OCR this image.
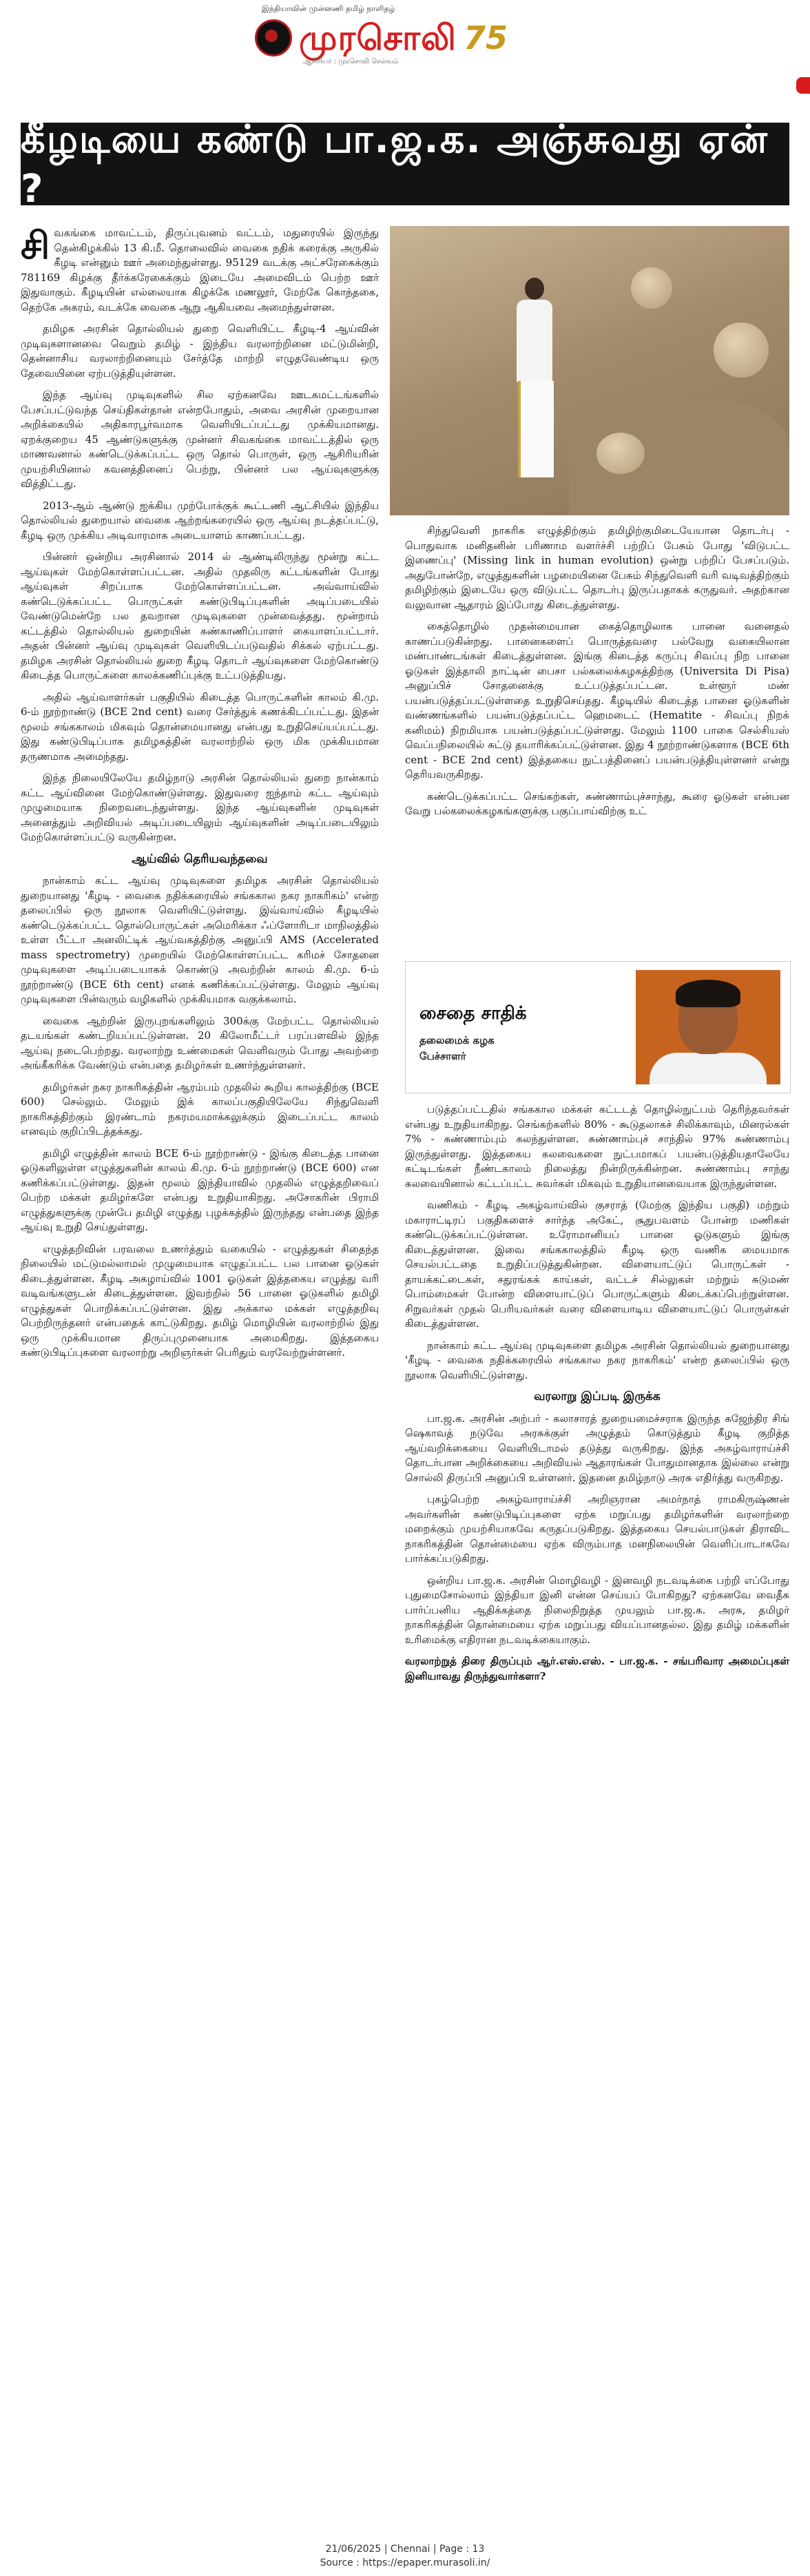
இந்தியாவின் முன்னணி தமிழ் நாளிதழ்
முரசொலி 75
ஆசிரியர் : முரசொலி செல்வம்
கீழடியை கண்டு பா.ஜ.க. அஞ்சுவது ஏன் ?

சிவகங்கை மாவட்டம், திருப்புவனம் வட்டம், மதுரையில் இருந்து தென்கிழக்கில் 13 கி.மீ. தொலைவில் வைகை நதிக் கரைக்கு அருகில் கீழடி என்னும் ஊர் அமைந்துள்ளது. 95129 வடக்கு அட்சரேகைக்கும் 781169 கிழக்கு தீர்க்கரேகைக்கும் இடையே அமைவிடம் பெற்ற ஊர் இதுவாகும். கீழடியின் எல்லையாக கிழக்கே மணலூர், மேற்கே கொந்தகை, தெற்கே அகரம், வடக்கே வைகை ஆறு ஆகியவை அமைந்துள்ளன.

தமிழக அரசின் தொல்லியல் துறை வெளியிட்ட கீழடி-4 ஆய்வின் முடிவுகளானவை வெறும் தமிழ் - இந்திய வரலாற்றினை மட்டுமின்றி, தென்னாசிய வரலாற்றினையும் சேர்த்தே மாற்றி எழுதவேண்டிய ஒரு தேவையினை ஏற்படுத்தியுள்ளன.

இந்த ஆய்வு முடிவுகளில் சில ஏற்கனவே ஊடகமட்டங்களில் பேசப்பட்டுவந்த செய்திகள்தான் என்றபோதும், அவை அரசின் முறையான அறிக்கையில் அதிகாரபூர்வமாக வெளியிடப்பட்டது முக்கியமானது. ஏறக்குறைய 45 ஆண்டுகளுக்கு முன்னர் சிவகங்கை மாவட்டத்தில் ஒரு மாணவனால் கண்டெடுக்கப்பட்ட ஒரு தொல் பொருள், ஒரு ஆசிரியரின் முயற்சியினால் கவனத்தினைப் பெற்று, பின்னர் பல ஆய்வுகளுக்கு வித்திட்டது.

2013-ஆம் ஆண்டு ஐக்கிய முற்போக்குக் கூட்டணி ஆட்சியில் இந்திய தொல்லியல் துறையால் வைகை ஆற்றங்கரையில் ஒரு ஆய்வு நடத்தப்பட்டு, கீழடி ஒரு முக்கிய அடிவாரமாக அடையாளம் காணப்பட்டது.

பின்னர் ஒன்றிய அரசினால் 2014 ல் ஆண்டிலிருந்து மூன்று கட்ட ஆய்வுகள் மேற்கொள்ளப்பட்டன. அதில் முதலிரு கட்டங்களின் போது ஆய்வுகள் சிறப்பாக மேற்கொள்ளப்பட்டன. அவ்வாய்வில் கண்டெடுக்கப்பட்ட பொருட்கள் கண்டுபிடிப்புகளின் அடிப்படையில் வேண்டுமென்றே பல தவறான முடிவுகளை முன்வைத்தது. மூன்றாம் கட்டத்தில் தொல்லியல் துறையின் கண்காணிப்பாளர் கையாளப்பட்டார். அதன் பின்னர் ஆய்வு முடிவுகள் வெளியிடப்படுவதில் சிக்கல் ஏற்பட்டது. தமிழக அரசின் தொல்லியல் துறை கீழடி தொடர் ஆய்வுகளை மேற்கொண்டு கிடைத்த பொருட்களை காலக்கணிப்புக்கு உட்படுத்தியது.

அதில் ஆய்வாளர்கள் பகுதியில் கிடைத்த பொருட்களின் காலம் கி.மு. 6-ம் நூற்றாண்டு (BCE 2nd cent) வரை சேர்த்துக் கணக்கிடப்பட்டது. இதன் மூலம் சங்ககாலம் மிகவும் தொன்மையானது என்பது உறுதிசெய்யப்பட்டது. இது கண்டுபிடிப்பாக தமிழகத்தின் வரலாற்றில் ஒரு மிக முக்கியமான தருணமாக அமைந்தது.

இந்த நிலையிலேயே தமிழ்நாடு அரசின் தொல்லியல் துறை நான்காம் கட்ட ஆய்வினை மேற்கொண்டுள்ளது. இதுவரை ஐந்தாம் கட்ட ஆய்வும் முழுமையாக நிறைவடைந்துள்ளது. இந்த ஆய்வுகளின் முடிவுகள் அனைத்தும் அறிவியல் அடிப்படையிலும் ஆய்வுகளின் அடிப்படையிலும் மேற்கொள்ளப்பட்டு வருகின்றன.

ஆய்வில் தெரியவந்தவை

நான்காம் கட்ட ஆய்வு முடிவுகளை தமிழக அரசின் தொல்லியல் துறையானது 'கீழடி - வைகை நதிக்கரையில் சங்ககால நகர நாகரிகம்' என்ற தலைப்பில் ஒரு நூலாக வெளியிட்டுள்ளது. இவ்வாய்வில் கீழடியில் கண்டெடுக்கப்பட்ட தொல்பொருட்கள் அமெரிக்கா ஃப்ளோரிடா மாநிலத்தில் உள்ள பீட்டா அனலிட்டிக் ஆய்வகத்திற்கு அனுப்பி AMS (Accelerated mass spectrometry) முறையில் மேற்கொள்ளப்பட்ட கரிமச் சோதனை முடிவுகளை அடிப்படையாகக் கொண்டு அவற்றின் காலம் கி.மு. 6-ம் நூற்றாண்டு (BCE 6th cent) எனக் கணிக்கப்பட்டுள்ளது. மேலும் ஆய்வு முடிவுகளை பின்வரும் வழிகளில் முக்கியமாக வகுக்கலாம்.

வைகை ஆற்றின் இருபுறங்களிலும் 300க்கு மேற்பட்ட தொல்லியல் தடயங்கள் கண்டறியப்பட்டுள்ளன. 20 கிலோமீட்டர் பரப்பளவில் இந்த ஆய்வு நடைபெற்றது. வரலாற்று உண்மைகள் வெளிவரும் போது அவற்றை அங்கீகரிக்க வேண்டும் என்பதை தமிழர்கள் உணர்ந்துள்ளனர்.

தமிழர்கள் நகர நாகரிகத்தின் ஆரம்பம் முதலில் கூறிய காலத்திற்கு (BCE 600) செல்லும். மேலும் இக் காலப்பகுதியிலேயே சிந்துவெளி நாகரிகத்திற்கும் இரண்டாம் நகரமயமாக்கலுக்கும் இடைப்பட்ட காலம் எனவும் குறிப்பிடத்தக்கது.

தமிழி எழுத்தின் காலம் BCE 6-ம் நூற்றாண்டு - இங்கு கிடைத்த பானை ஓடுகளிலுள்ள எழுத்துகளின் காலம் கி.மு. 6-ம் நூற்றாண்டு (BCE 600) என கணிக்கப்பட்டுள்ளது. இதன் மூலம் இந்தியாவில் முதலில் எழுத்தறிவைப் பெற்ற மக்கள் தமிழர்களே என்பது உறுதியாகிறது. அசோகரின் பிராமி எழுத்துகளுக்கு முன்பே தமிழி எழுத்து புழக்கத்தில் இருந்தது என்பதை இந்த ஆய்வு உறுதி செய்துள்ளது.

எழுத்தறிவின் பரவலை உணர்த்தும் வகையில் - எழுத்துகள் சிதைந்த நிலையில் மட்டுமல்லாமல் முழுமையாக எழுதப்பட்ட பல பானை ஓடுகள் கிடைத்துள்ளன. கீழடி அகழாய்வில் 1001 ஓடுகள் இத்தகைய எழுத்து வரி வடிவங்களுடன் கிடைத்துள்ளன. இவற்றில் 56 பானை ஓடுகளில் தமிழி எழுத்துகள் பொறிக்கப்பட்டுள்ளன. இது அக்கால மக்கள் எழுத்தறிவு பெற்றிருந்தனர் என்பதைக் காட்டுகிறது. தமிழ் மொழியின் வரலாற்றில் இது ஒரு முக்கியமான திருப்புமுனையாக அமைகிறது. இத்தகைய கண்டுபிடிப்புகளை வரலாற்று அறிஞர்கள் பெரிதும் வரவேற்றுள்ளனர்.

சிந்துவெளி நாகரிக எழுத்திற்கும் தமிழிற்குமிடையேயான தொடர்பு - பொதுவாக மனிதனின் பரிணாம வளர்ச்சி பற்றிப் பேசும் போது 'விடுபட்ட இணைப்பு' (Missing link in human evolution) ஒன்று பற்றிப் பேசப்படும். அதுபோன்றே, எழுத்துகளின் பழமையினை பேசும் சிந்துவெளி வரி வடிவத்திற்கும் தமிழிற்கும் இடையே ஒரு விடுபட்ட தொடர்பு இருப்பதாகக் கருதுவர். அதற்கான வலுவான ஆதாரம் இப்போது கிடைத்துள்ளது.

கைத்தொழில் முதன்மையான கைத்தொழிலாக பானை வனைதல் காணப்படுகின்றது. பானைகளைப் பொருத்தவரை பல்வேறு வகையிலான மண்பாண்டங்கள் கிடைத்துள்ளன. இங்கு கிடைத்த கருப்பு சிவப்பு நிற பானை ஓடுகள் இத்தாலி நாட்டின் பைசா பல்கலைக்கழகத்திற்கு (Universita Di Pisa) அனுப்பிச் சோதனைக்கு உட்படுத்தப்பட்டன. உள்ளூர் மண் பயன்படுத்தப்பட்டுள்ளதை உறுதிசெய்தது. கீழடியில் கிடைத்த பானை ஓடுகளின் வண்ணங்களில் பயன்படுத்தப்பட்ட ஹெமடைட் (Hematite - சிவப்பு நிறக் கனிமம்) நிறமியாக பயன்படுத்தப்பட்டுள்ளது. மேலும் 1100 பாகை செல்சியஸ் வெப்பநிலையில் சுட்டு தயாரிக்கப்பட்டுள்ளன. இது 4 நூற்றாண்டுகளாக (BCE 6th cent - BCE 2nd cent) இத்தகைய நுட்பத்தினைப் பயன்படுத்தியுள்ளனர் என்று தெரியவருகிறது.

கண்டெடுக்கப்பட்ட செங்கற்கள், சுண்ணாம்புச்சாந்து, கூரை ஓடுகள் என்பன வேறு பல்கலைக்கழகங்களுக்கு பகுப்பாய்விற்கு உட்

சைதை சாதிக்
தலைமைக் கழக
பேச்சாளர்

படுத்தப்பட்டதில் சங்ககால மக்கள் கட்டடத் தொழில்நுட்பம் தெரிந்தவர்கள் என்பது உறுதியாகிறது. செங்கற்களில் 80% - கூடுதலாகச் சிலிக்காவும், மினரல்கள் 7% - சுண்ணாம்பும் கலந்துள்ளன. சுண்ணாம்புச் சாந்தில் 97% சுண்ணாம்பு இருந்துள்ளது. இத்தகைய கலவைகளை நுட்பமாகப் பயன்படுத்தியதாலேயே கட்டிடங்கள் நீண்டகாலம் நிலைத்து நின்றிருக்கின்றன. சுண்ணாம்பு சாந்து கலவையினால் கட்டப்பட்ட சுவர்கள் மிகவும் உறுதியானவையாக இருந்துள்ளன.

வணிகம் - கீழடி அகழ்வாய்வில் குசராத் (மேற்கு இந்திய பகுதி) மற்றும் மகாராட்டிரப் பகுதிகளைச் சார்ந்த அகேட், சூதுபவளம் போன்ற மணிகள் கண்டெடுக்கப்பட்டுள்ளன. உரோமானியப் பானை ஓடுகளும் இங்கு கிடைத்துள்ளன. இவை சங்ககாலத்தில் கீழடி ஒரு வணிக மையமாக செயல்பட்டதை உறுதிப்படுத்துகின்றன. விளையாட்டுப் பொருட்கள் - தாயக்கட்டைகள், சதுரங்கக் காய்கள், வட்டச் சில்லுகள் மற்றும் சுடுமண் பொம்மைகள் போன்ற விளையாட்டுப் பொருட்களும் கிடைக்கப்பெற்றுள்ளன. சிறுவர்கள் முதல் பெரியவர்கள் வரை விளையாடிய விளையாட்டுப் பொருள்கள் கிடைத்துள்ளன.

நான்காம் கட்ட ஆய்வு முடிவுகளை தமிழக அரசின் தொல்லியல் துறையானது 'கீழடி - வைகை நதிக்கரையில் சங்ககால நகர நாகரிகம்' என்ற தலைப்பில் ஒரு நூலாக வெளியிட்டுள்ளது.

வரலாறு இப்படி இருக்க

பா.ஜ.க. அரசின் அற்பர் - கலாசாரத் துறையமைச்சராக இருந்த கஜேந்திர சிங் ஷெகாவத் நடுவே அரசுக்குள் அழுத்தம் கொடுத்தும் கீழடி குறித்த ஆய்வறிக்கையை வெளியிடாமல் தடுத்து வருகிறது. இந்த அகழ்வாராய்ச்சி தொடர்பான அறிக்கையை அறிவியல் ஆதாரங்கள் போதுமானதாக இல்லை என்று சொல்லி திருப்பி அனுப்பி உள்ளனர். இதனை தமிழ்நாடு அரசு எதிர்த்து வருகிறது.

புகழ்பெற்ற அகழ்வாராய்ச்சி அறிஞரான அமர்நாத் ராமகிருஷ்ணன் அவர்களின் கண்டுபிடிப்புகளை ஏற்க மறுப்பது தமிழர்களின் வரலாற்றை மறைக்கும் முயற்சியாகவே கருதப்படுகிறது. இத்தகைய செயல்பாடுகள் திராவிட நாகரிகத்தின் தொன்மையை ஏற்க விரும்பாத மனநிலையின் வெளிப்பாடாகவே பார்க்கப்படுகிறது.

ஒன்றிய பா.ஜ.க. அரசின் மொழிவழி - இனவழி நடவடிக்கை பற்றி எப்போது புதுமைசோல்லாம் இந்தியா இனி என்ன செய்யப் போகிறது? ஏற்கனவே வைதீக பார்ப்பனிய ஆதிக்கத்தை நிலைநிறுத்த முயலும் பா.ஜ.க. அரசு, தமிழர் நாகரிகத்தின் தொன்மையை ஏற்க மறுப்பது வியப்பானதல்ல. இது தமிழ் மக்களின் உரிமைக்கு எதிரான நடவடிக்கையாகும்.

வரலாற்றுத் திரை திருப்பும் ஆர்.எஸ்.எஸ். - பா.ஜ.க. - சங்பரிவார அமைப்புகள் இனியாவது திருந்துவார்களா?

21/06/2025 | Chennai | Page : 13
Source : https://epaper.murasoli.in/
